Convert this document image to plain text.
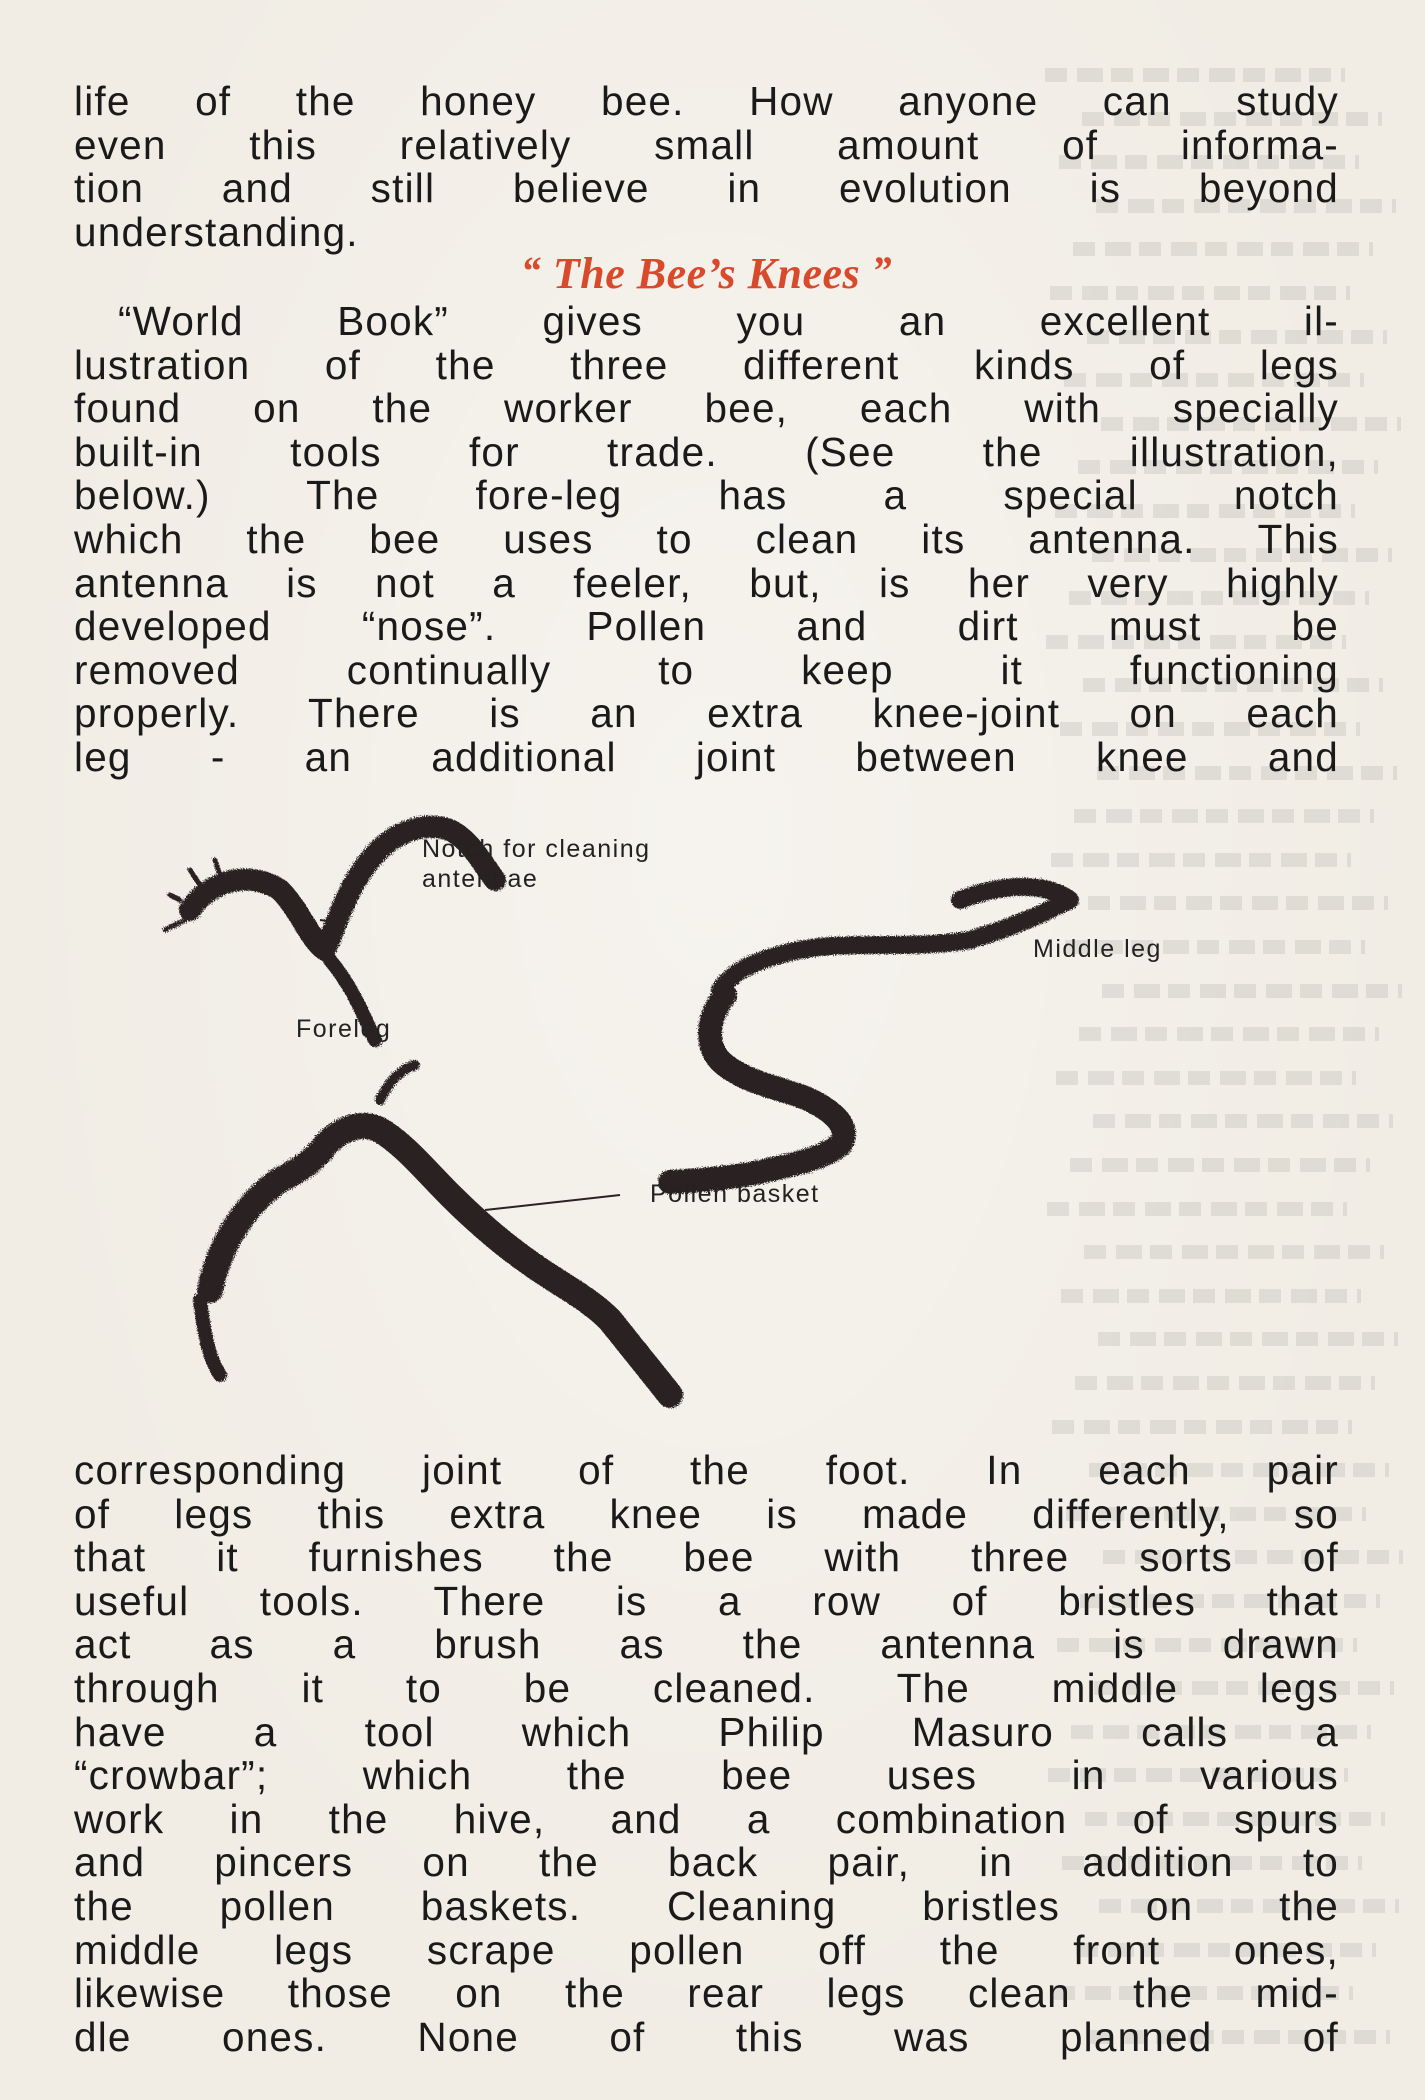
life of the honey bee. How anyone can study
even this relatively small amount of informa-
tion and still believe in evolution is beyond
understanding.
“ The Bee’s Knees ”
“World Book” gives you an excellent il-
lustration of the three different kinds of legs
found on the worker bee, each with specially
built-in tools for trade. (See the illustration,
below.) The fore-leg has a special notch
which the bee uses to clean its antenna. This
antenna is not a feeler, but, is her very highly
developed “nose”. Pollen and dirt must be
removed continually to keep it functioning
properly. There is an extra knee-joint on each
leg - an additional joint between knee and
Notch for cleaning
antennae
Middle leg
Foreleg
Pollen basket
corresponding joint of the foot. In each pair
of legs this extra knee is made differently, so
that it furnishes the bee with three sorts of
useful tools. There is a row of bristles that
act as a brush as the antenna is drawn
through it to be cleaned. The middle legs
have a tool which Philip Masuro calls a
“crowbar”; which the bee uses in various
work in the hive, and a combination of spurs
and pincers on the back pair, in addition to
the pollen baskets. Cleaning bristles on the
middle legs scrape pollen off the front ones,
likewise those on the rear legs clean the mid-
dle ones. None of this was planned of
